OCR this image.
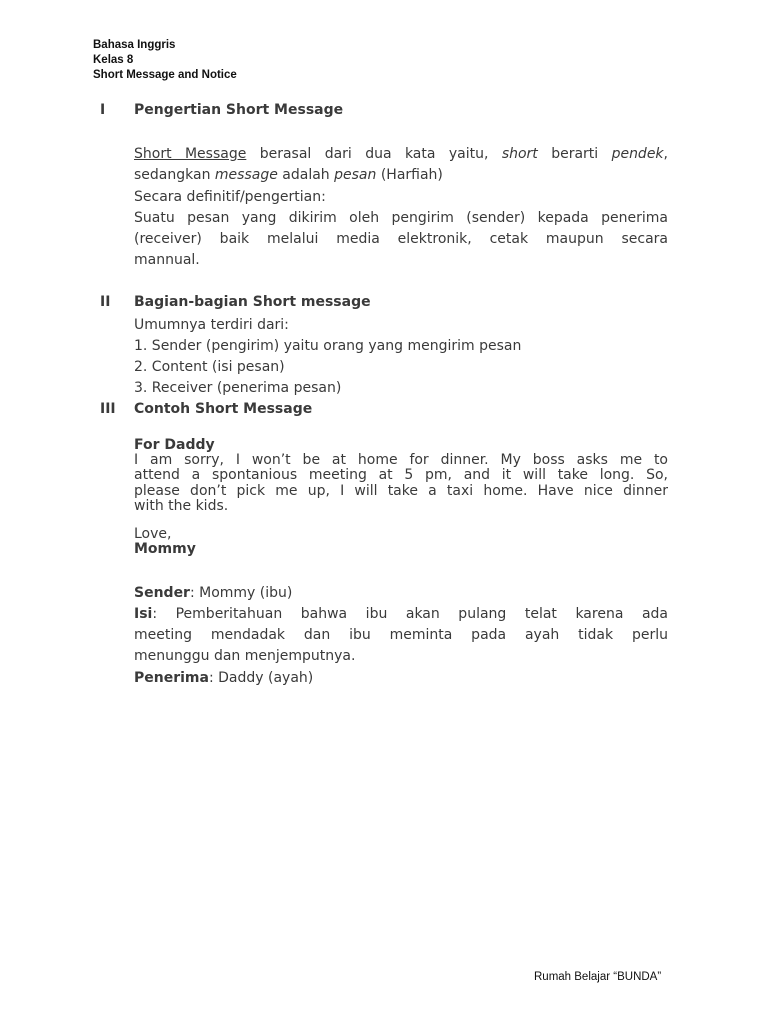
Bahasa Inggris
Kelas 8
Short Message and Notice
I Pengertian Short Message
Short Message berasal dari dua kata yaitu, short berarti pendek,
sedangkan message adalah pesan (Harfiah)
Secara definitif/pengertian:
Suatu pesan yang dikirim oleh pengirim (sender) kepada penerima
(receiver) baik melalui media elektronik, cetak maupun secara
mannual.
II Bagian-bagian Short message
Umumnya terdiri dari:
1. Sender (pengirim) yaitu orang yang mengirim pesan
2. Content (isi pesan)
3. Receiver (penerima pesan)
III Contoh Short Message
For Daddy
I am sorry, I won’t be at home for dinner. My boss asks me to
attend a spontanious meeting at 5 pm, and it will take long. So,
please don’t pick me up, I will take a taxi home. Have nice dinner
with the kids.
Love,
Mommy
Sender: Mommy (ibu)
Isi: Pemberitahuan bahwa ibu akan pulang telat karena ada
meeting mendadak dan ibu meminta pada ayah tidak perlu
menunggu dan menjemputnya.
Penerima: Daddy (ayah)
Rumah Belajar “BUNDA”
